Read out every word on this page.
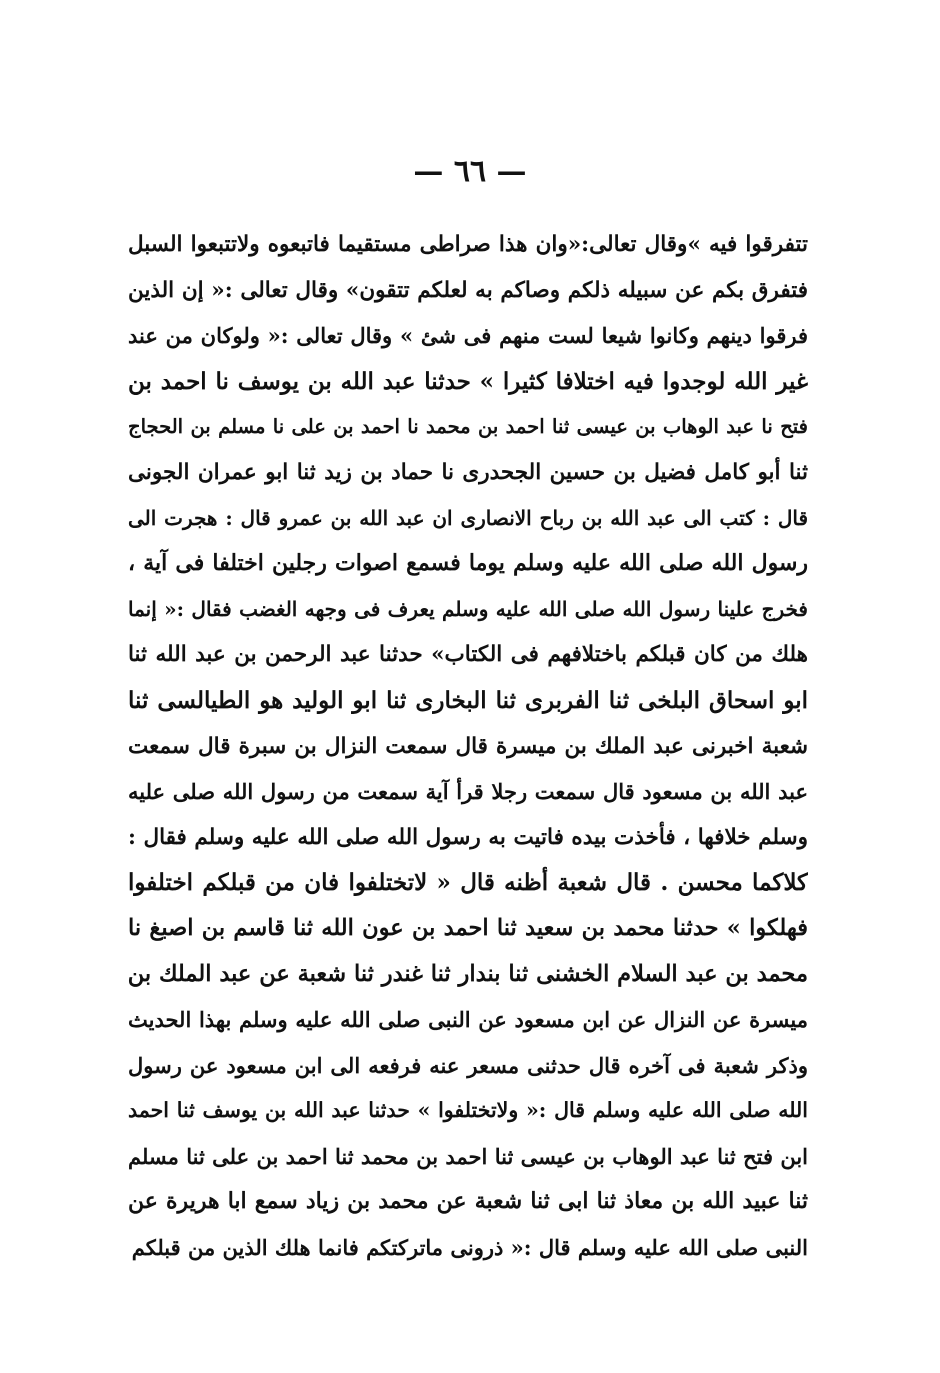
— ٦٦ —
تتفرقوا فيه »وقال تعالى:«وان هذا صراطى مستقيما فاتبعوه ولاتتبعوا السبل
فتفرق بكم عن سبيله ذلكم وصاكم به لعلكم تتقون» وقال تعالى :« إن الذين
فرقوا دينهم وكانوا شيعا لست منهم فى شئ » وقال تعالى :« ولوكان من عند
غير الله لوجدوا فيه اختلافا كثيرا » حدثنا عبد الله بن يوسف نا احمد بن
فتح نا عبد الوهاب بن عيسى ثنا احمد بن محمد نا احمد بن على نا مسلم بن الحجاج
ثنا أبو كامل فضيل بن حسين الجحدرى نا حماد بن زيد ثنا ابو عمران الجونى
قال : كتب الى عبد الله بن رباح الانصارى ان عبد الله بن عمرو قال : هجرت الى
رسول الله صلى الله عليه وسلم يوما فسمع اصوات رجلين اختلفا فى آية ،
فخرج علينا رسول الله صلى الله عليه وسلم يعرف فى وجهه الغضب فقال :« إنما
هلك من كان قبلكم باختلافهم فى الكتاب» حدثنا عبد الرحمن بن عبد الله ثنا
ابو اسحاق البلخى ثنا الفربرى ثنا البخارى ثنا ابو الوليد هو الطيالسى ثنا
شعبة اخبرنى عبد الملك بن ميسرة قال سمعت النزال بن سبرة قال سمعت
عبد الله بن مسعود قال سمعت رجلا قرأ آية سمعت من رسول الله صلى عليه
وسلم خلافها ، فأخذت بيده فاتيت به رسول الله صلى الله عليه وسلم فقال :
كلاكما محسن . قال شعبة أظنه قال « لاتختلفوا فان من قبلكم اختلفوا
فهلكوا » حدثنا محمد بن سعيد ثنا احمد بن عون الله ثنا قاسم بن اصبغ نا
محمد بن عبد السلام الخشنى ثنا بندار ثنا غندر ثنا شعبة عن عبد الملك بن
ميسرة عن النزال عن ابن مسعود عن النبى صلى الله عليه وسلم بهذا الحديث
وذكر شعبة فى آخره قال حدثنى مسعر عنه فرفعه الى ابن مسعود عن رسول
الله صلى الله عليه وسلم قال :« ولاتختلفوا » حدثنا عبد الله بن يوسف ثنا احمد
ابن فتح ثنا عبد الوهاب بن عيسى ثنا احمد بن محمد ثنا احمد بن على ثنا مسلم
ثنا عبيد الله بن معاذ ثنا ابى ثنا شعبة عن محمد بن زياد سمع ابا هريرة عن
النبى صلى الله عليه وسلم قال :« ذرونى ماتركتكم فانما هلك الذين من قبلكم
